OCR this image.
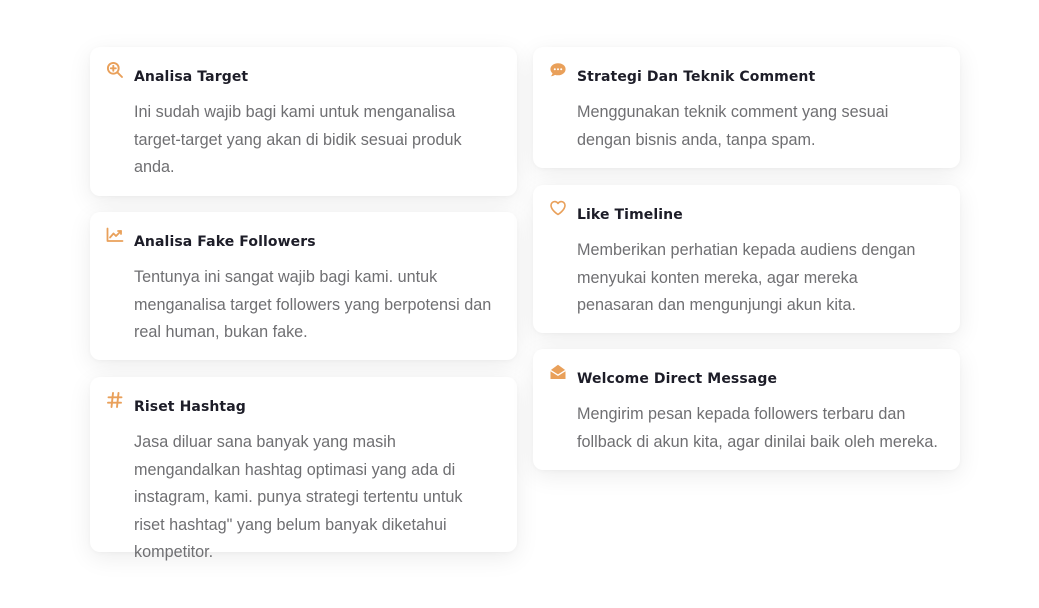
Analisa Target
Ini sudah wajib bagi kami untuk menganalisa target-target yang akan di bidik sesuai produk anda.
Analisa Fake Followers
Tentunya ini sangat wajib bagi kami. untuk menganalisa target followers yang berpotensi dan real human, bukan fake.
Riset Hashtag
Jasa diluar sana banyak yang masih mengandalkan hashtag optimasi yang ada di instagram, kami. punya strategi tertentu untuk riset hashtag" yang belum banyak diketahui kompetitor.
Strategi Dan Teknik Comment
Menggunakan teknik comment yang sesuai dengan bisnis anda, tanpa spam.
Like Timeline
Memberikan perhatian kepada audiens dengan menyukai konten mereka, agar mereka penasaran dan mengunjungi akun kita.
Welcome Direct Message
Mengirim pesan kepada followers terbaru dan follback di akun kita, agar dinilai baik oleh mereka.
